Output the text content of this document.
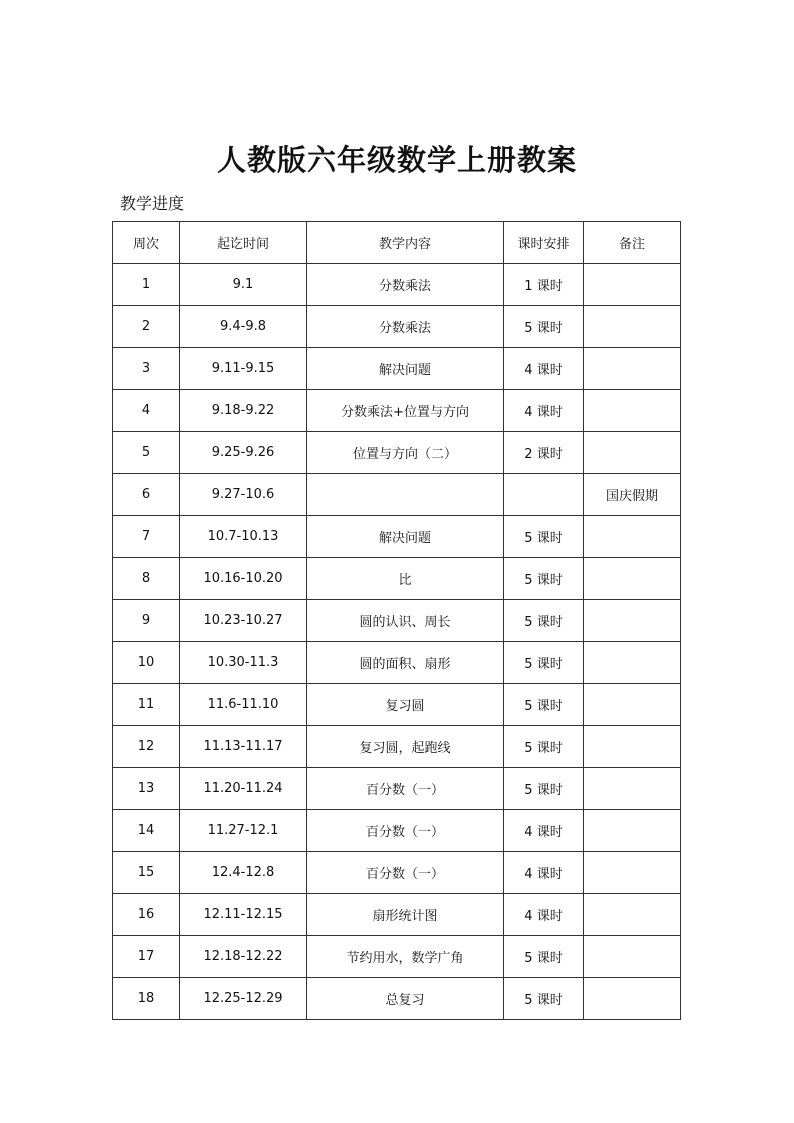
人教版六年级数学上册教案
教学进度
周次	起讫时间	教学内容	课时安排	备注
1	9.1	分数乘法	1 课时	
2	9.4-9.8	分数乘法	5 课时	
3	9.11-9.15	解决问题	4 课时	
4	9.18-9.22	分数乘法+位置与方向	4 课时	
5	9.25-9.26	位置与方向（二）	2 课时	
6	9.27-10.6			国庆假期
7	10.7-10.13	解决问题	5 课时	
8	10.16-10.20	比	5 课时	
9	10.23-10.27	圆的认识、周长	5 课时	
10	10.30-11.3	圆的面积、扇形	5 课时	
11	11.6-11.10	复习圆	5 课时	
12	11.13-11.17	复习圆，起跑线	5 课时	
13	11.20-11.24	百分数（一）	5 课时	
14	11.27-12.1	百分数（一）	4 课时	
15	12.4-12.8	百分数（一）	4 课时	
16	12.11-12.15	扇形统计图	4 课时	
17	12.18-12.22	节约用水，数学广角	5 课时	
18	12.25-12.29	总复习	5 课时	
